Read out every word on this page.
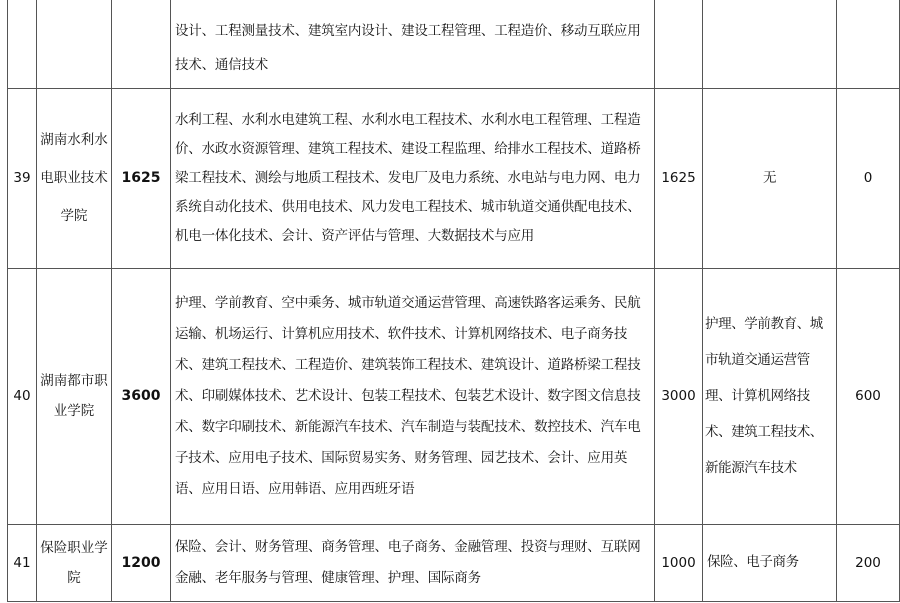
			设计、工程测量技术、建筑室内设计、建设工程管理、工程造价、移动互联应用技术、通信技术			
39	湖南水利水电职业技术学院	1625	水利工程、水利水电建筑工程、水利水电工程技术、水利水电工程管理、工程造价、水政水资源管理、建筑工程技术、建设工程监理、给排水工程技术、道路桥梁工程技术、测绘与地质工程技术、发电厂及电力系统、水电站与电力网、电力系统自动化技术、供用电技术、风力发电工程技术、城市轨道交通供配电技术、机电一体化技术、会计、资产评估与管理、大数据技术与应用	1625	无	0
40	湖南都市职业学院	3600	护理、学前教育、空中乘务、城市轨道交通运营管理、高速铁路客运乘务、民航运输、机场运行、计算机应用技术、软件技术、计算机网络技术、电子商务技术、建筑工程技术、工程造价、建筑装饰工程技术、建筑设计、道路桥梁工程技术、印刷媒体技术、艺术设计、包装工程技术、包装艺术设计、数字图文信息技术、数字印刷技术、新能源汽车技术、汽车制造与装配技术、数控技术、汽车电子技术、应用电子技术、国际贸易实务、财务管理、园艺技术、会计、应用英语、应用日语、应用韩语、应用西班牙语	3000	护理、学前教育、城市轨道交通运营管理、计算机网络技术、建筑工程技术、新能源汽车技术	600
41	保险职业学院	1200	保险、会计、财务管理、商务管理、电子商务、金融管理、投资与理财、互联网金融、老年服务与管理、健康管理、护理、国际商务	1000	保险、电子商务	200
